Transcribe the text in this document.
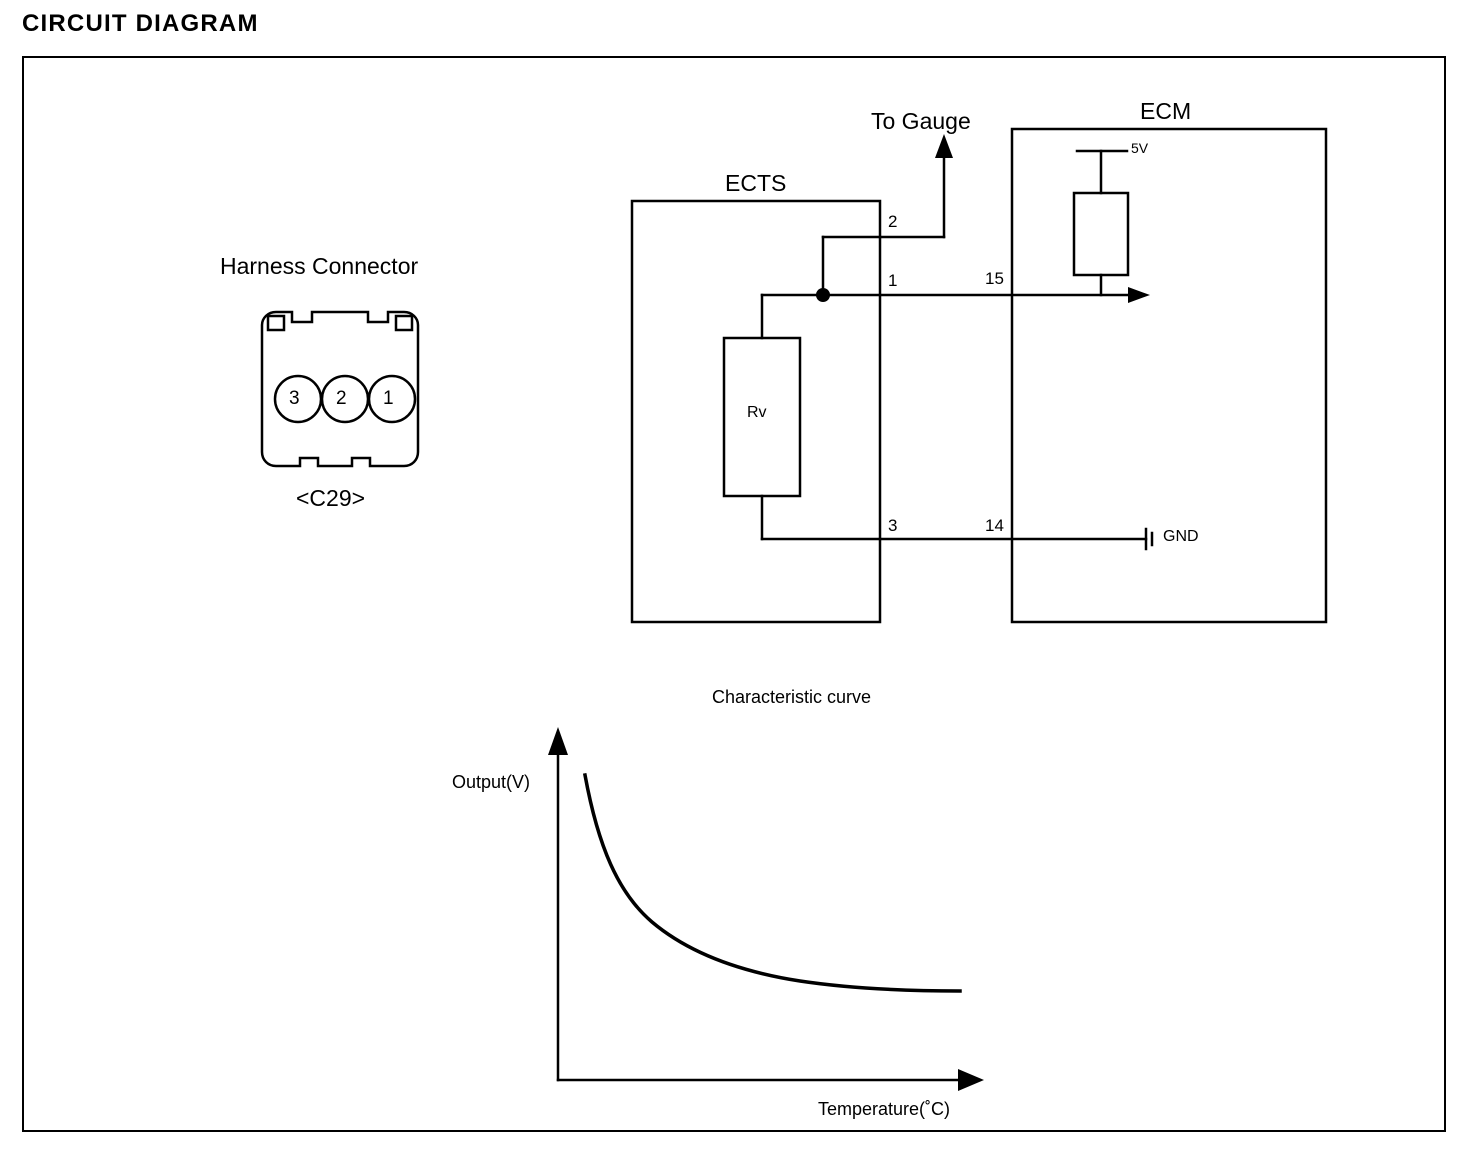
CIRCUIT DIAGRAM
Harness Connector
<C29>
ECTS
To Gauge	ECM
5V
GND
Rv
Characteristic curve
Output(V)
Temperature(˚C)
2
1
3
15
14
3 2 1
